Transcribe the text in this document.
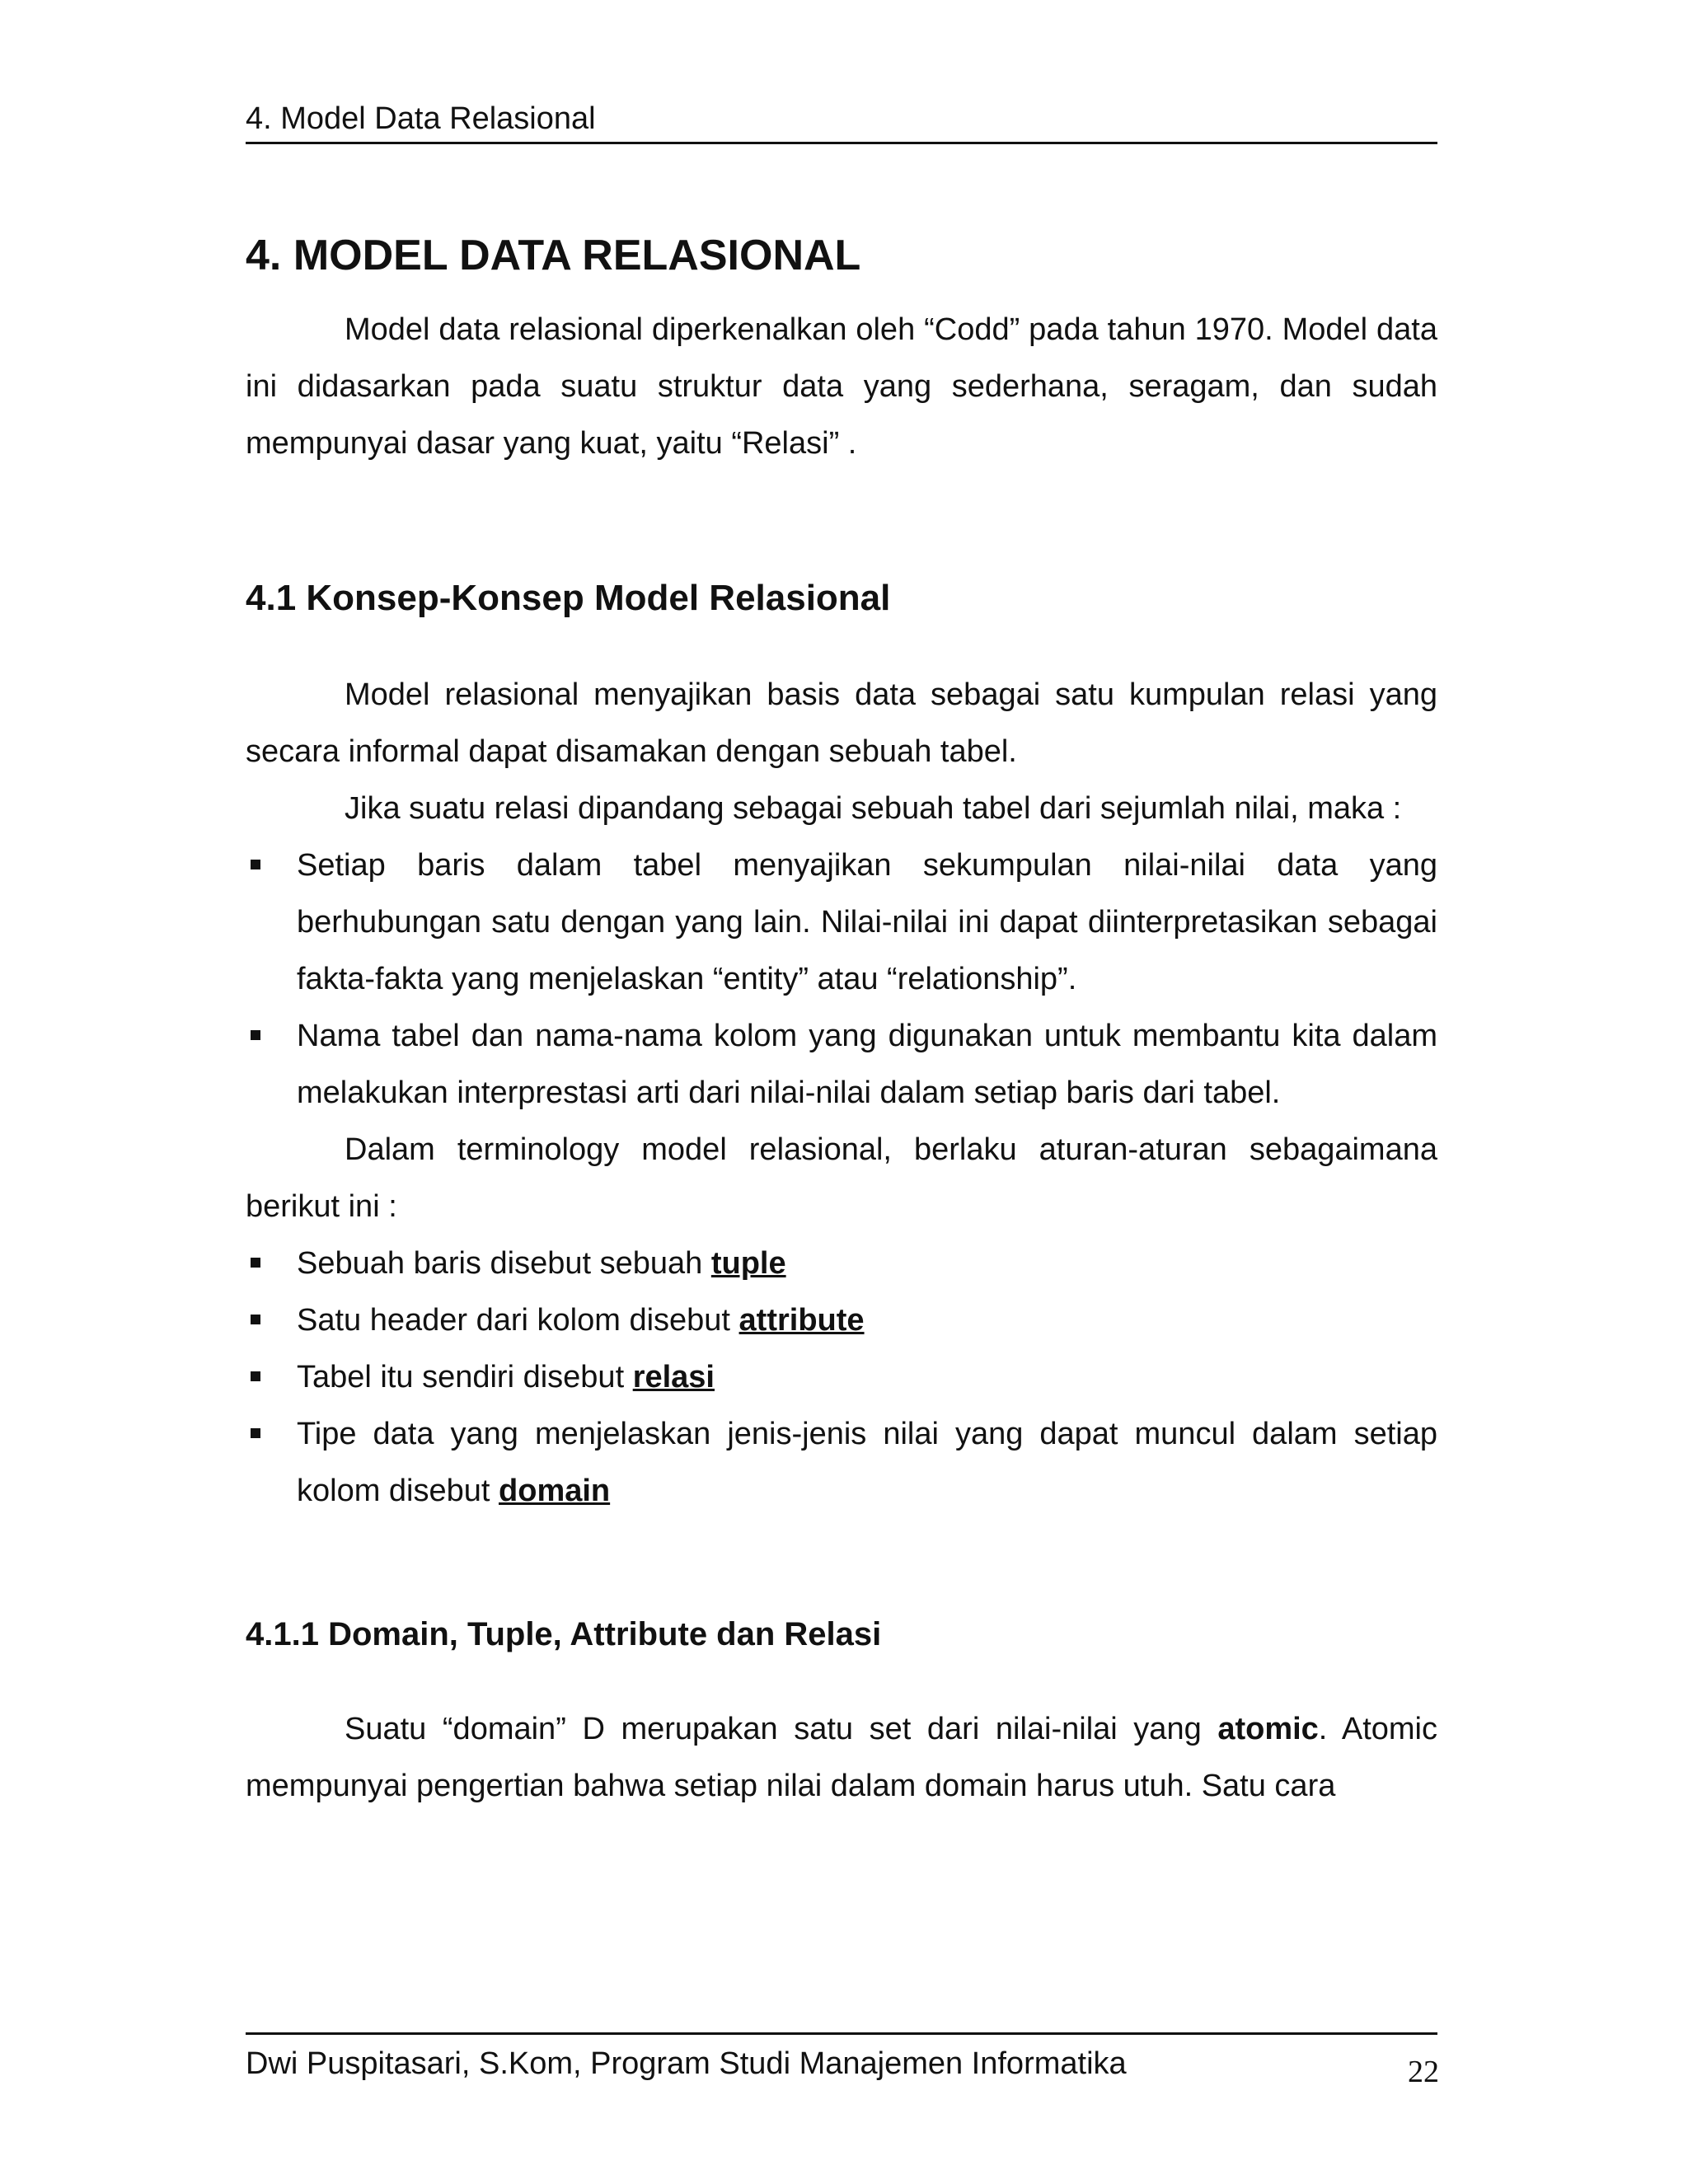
4. Model Data Relasional
4. MODEL DATA RELASIONAL

Model data relasional diperkenalkan oleh “Codd” pada tahun 1970. Model data ini didasarkan pada suatu struktur data yang sederhana, seragam, dan sudah mempunyai dasar yang kuat, yaitu “Relasi” .

4.1 Konsep-Konsep Model Relasional

Model relasional menyajikan basis data sebagai satu kumpulan relasi yang secara informal dapat disamakan dengan sebuah tabel.

Jika suatu relasi dipandang sebagai sebuah tabel dari sejumlah nilai, maka :

Setiap baris dalam tabel menyajikan sekumpulan nilai-nilai data yang berhubungan satu dengan yang lain. Nilai-nilai ini dapat diinterpretasikan sebagai fakta-fakta yang menjelaskan “entity” atau “relationship”.
Nama tabel dan nama-nama kolom yang digunakan untuk membantu kita dalam melakukan interprestasi arti dari nilai-nilai dalam setiap baris dari tabel.

Dalam terminology model relasional, berlaku aturan-aturan sebagaimana berikut ini :

Sebuah baris disebut sebuah tuple
Satu header dari kolom disebut attribute
Tabel itu sendiri disebut relasi
Tipe data yang menjelaskan jenis-jenis nilai yang dapat muncul dalam setiap kolom disebut domain
4.1.1 Domain, Tuple, Attribute dan Relasi

Suatu “domain” D merupakan satu set dari nilai-nilai yang atomic. Atomic mempunyai pengertian bahwa setiap nilai dalam domain harus utuh. Satu cara

Dwi Puspitasari, S.Kom, Program Studi Manajemen Informatika	22
